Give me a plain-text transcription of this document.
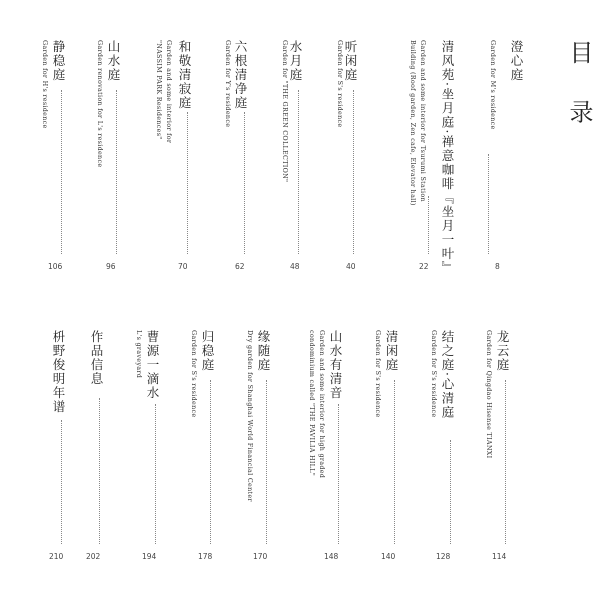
目 录
澄心庭
Garden for M's residence
8
清风苑·坐月庭·禅意咖啡『坐月一叶』
Garden and some interior for Tsurumi Station
Building (Roof garden, Zen cafe, Elevator hall)
22
听闲庭
Garden for S's residence
40
水月庭
Garden for "THE GREEN COLLECTION"
48
六根清净庭
Garden for Y's residence
62
和敬清寂庭
Garden and some interior for
"NASSIM PARK Residences"
70
山水庭
Garden renovation for L's residence
96
静稳庭
Garden for H's residence
106
龙云庭
Garden for Qingdao Hisense TIANXI
114
结之庭·心清庭
Garden for S's residence
128
清闲庭
Garden for S's residence
140
山水有清音
Garden and some interior for high graded
condominium called "THE PAVILIA HILL"
148
缘随庭
Dry garden for Shanghai World Financial Center
170
归稳庭
Garden for S's residence
178
曹源一滴水
L's graveyard
194
作品信息
202
枡野俊明年谱
210
